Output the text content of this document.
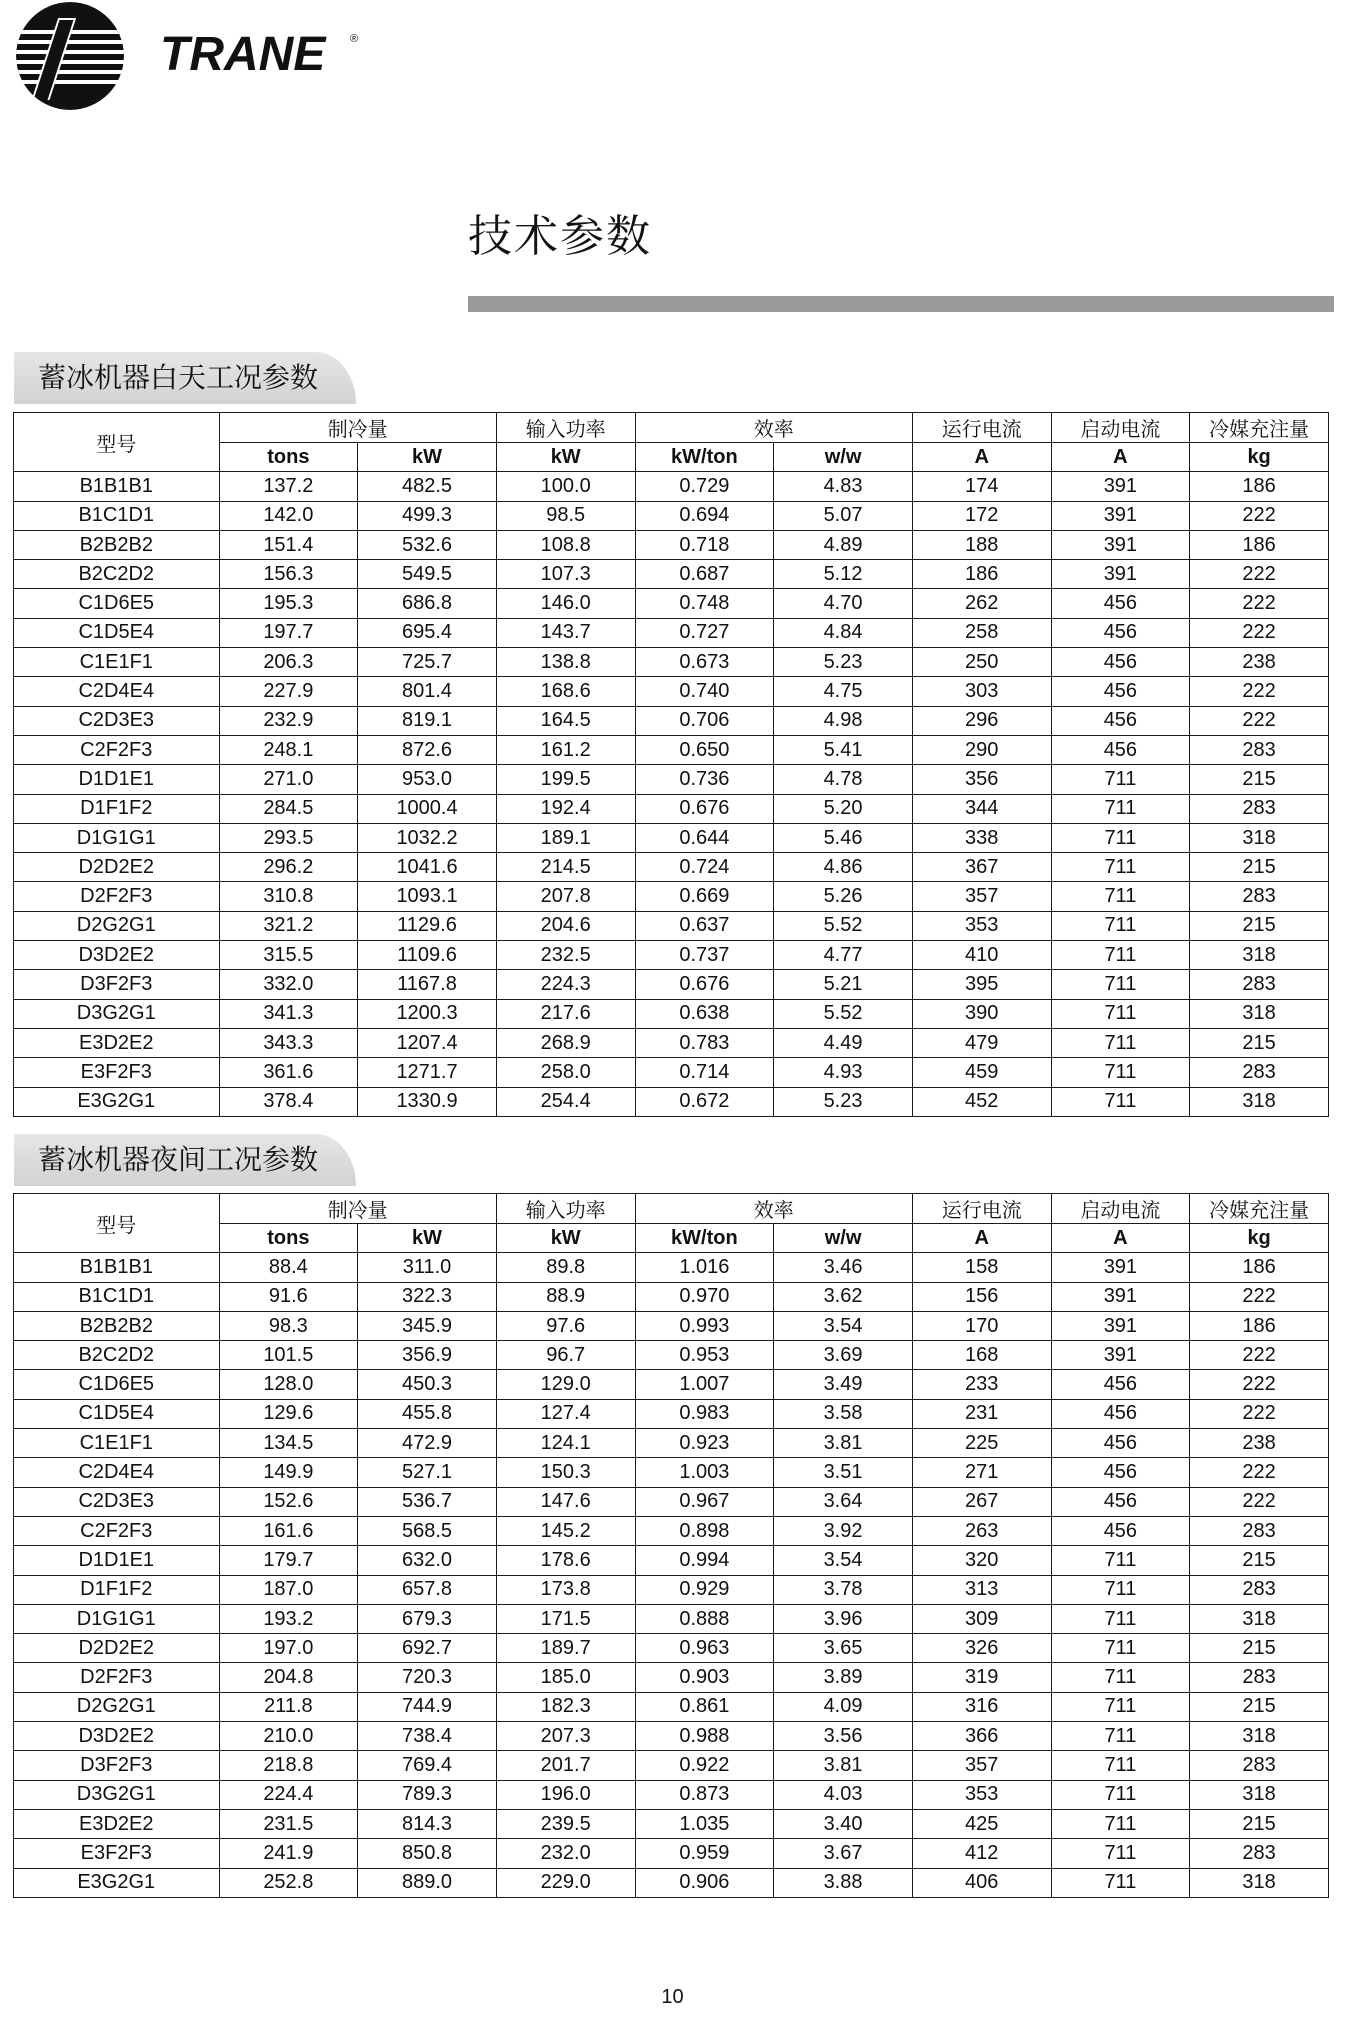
TRANE ®
技术参数
蓄冰机器白天工况参数
型号	制冷量		输入功率	效率		运行电流	启动电流	冷媒充注量
	tons	kW	kW	kW/ton	w/w	A	A	kg
B1B1B1	137.2	482.5	100.0	0.729	4.83	174	391	186
B1C1D1	142.0	499.3	98.5	0.694	5.07	172	391	222
B2B2B2	151.4	532.6	108.8	0.718	4.89	188	391	186
B2C2D2	156.3	549.5	107.3	0.687	5.12	186	391	222
C1D6E5	195.3	686.8	146.0	0.748	4.70	262	456	222
C1D5E4	197.7	695.4	143.7	0.727	4.84	258	456	222
C1E1F1	206.3	725.7	138.8	0.673	5.23	250	456	238
C2D4E4	227.9	801.4	168.6	0.740	4.75	303	456	222
C2D3E3	232.9	819.1	164.5	0.706	4.98	296	456	222
C2F2F3	248.1	872.6	161.2	0.650	5.41	290	456	283
D1D1E1	271.0	953.0	199.5	0.736	4.78	356	711	215
D1F1F2	284.5	1000.4	192.4	0.676	5.20	344	711	283
D1G1G1	293.5	1032.2	189.1	0.644	5.46	338	711	318
D2D2E2	296.2	1041.6	214.5	0.724	4.86	367	711	215
D2F2F3	310.8	1093.1	207.8	0.669	5.26	357	711	283
D2G2G1	321.2	1129.6	204.6	0.637	5.52	353	711	215
D3D2E2	315.5	1109.6	232.5	0.737	4.77	410	711	318
D3F2F3	332.0	1167.8	224.3	0.676	5.21	395	711	283
D3G2G1	341.3	1200.3	217.6	0.638	5.52	390	711	318
E3D2E2	343.3	1207.4	268.9	0.783	4.49	479	711	215
E3F2F3	361.6	1271.7	258.0	0.714	4.93	459	711	283
E3G2G1	378.4	1330.9	254.4	0.672	5.23	452	711	318
蓄冰机器夜间工况参数
型号	制冷量		输入功率	效率		运行电流	启动电流	冷媒充注量
	tons	kW	kW	kW/ton	w/w	A	A	kg
B1B1B1	88.4	311.0	89.8	1.016	3.46	158	391	186
B1C1D1	91.6	322.3	88.9	0.970	3.62	156	391	222
B2B2B2	98.3	345.9	97.6	0.993	3.54	170	391	186
B2C2D2	101.5	356.9	96.7	0.953	3.69	168	391	222
C1D6E5	128.0	450.3	129.0	1.007	3.49	233	456	222
C1D5E4	129.6	455.8	127.4	0.983	3.58	231	456	222
C1E1F1	134.5	472.9	124.1	0.923	3.81	225	456	238
C2D4E4	149.9	527.1	150.3	1.003	3.51	271	456	222
C2D3E3	152.6	536.7	147.6	0.967	3.64	267	456	222
C2F2F3	161.6	568.5	145.2	0.898	3.92	263	456	283
D1D1E1	179.7	632.0	178.6	0.994	3.54	320	711	215
D1F1F2	187.0	657.8	173.8	0.929	3.78	313	711	283
D1G1G1	193.2	679.3	171.5	0.888	3.96	309	711	318
D2D2E2	197.0	692.7	189.7	0.963	3.65	326	711	215
D2F2F3	204.8	720.3	185.0	0.903	3.89	319	711	283
D2G2G1	211.8	744.9	182.3	0.861	4.09	316	711	215
D3D2E2	210.0	738.4	207.3	0.988	3.56	366	711	318
D3F2F3	218.8	769.4	201.7	0.922	3.81	357	711	283
D3G2G1	224.4	789.3	196.0	0.873	4.03	353	711	318
E3D2E2	231.5	814.3	239.5	1.035	3.40	425	711	215
E3F2F3	241.9	850.8	232.0	0.959	3.67	412	711	283
E3G2G1	252.8	889.0	229.0	0.906	3.88	406	711	318
10
